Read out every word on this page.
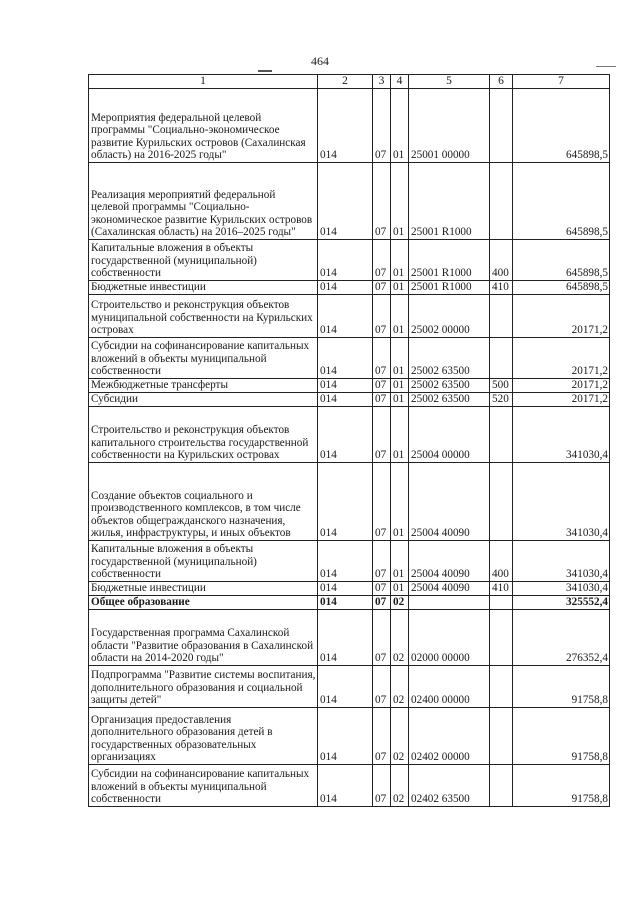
464
1	2	3	4	5	6	7
Мероприятия федеральной целевой программы "Социально-экономическое развитие Курильских островов (Сахалинская область) на 2016-2025 годы"	014	07	01	25001 00000		645898,5
Реализация мероприятий федеральной целевой программы "Социально-экономическое развитие Курильских островов (Сахалинская область) на 2016–2025 годы"	014	07	01	25001 R1000		645898,5
Капитальные вложения в объекты государственной (муниципальной) собственности	014	07	01	25001 R1000	400	645898,5
Бюджетные инвестиции	014	07	01	25001 R1000	410	645898,5
Строительство и реконструкция объектов муниципальной собственности на Курильских островах	014	07	01	25002 00000		20171,2
Субсидии на софинансирование капитальных вложений в объекты муниципальной собственности	014	07	01	25002 63500		20171,2
Межбюджетные трансферты	014	07	01	25002 63500	500	20171,2
Субсидии	014	07	01	25002 63500	520	20171,2
Строительство и реконструкция объектов капитального строительства государственной собственности на Курильских островах	014	07	01	25004 00000		341030,4
Создание объектов социального и производственного комплексов, в том числе объектов общегражданского назначения, жилья, инфраструктуры, и иных объектов	014	07	01	25004 40090		341030,4
Капитальные вложения в объекты государственной (муниципальной) собственности	014	07	01	25004 40090	400	341030,4
Бюджетные инвестиции	014	07	01	25004 40090	410	341030,4
Общее образование	014	07	02			325552,4
Государственная программа Сахалинской области "Развитие образования в Сахалинской области на 2014-2020 годы"	014	07	02	02000 00000		276352,4
Подпрограмма "Развитие системы воспитания, дополнительного образования и социальной защиты детей"	014	07	02	02400 00000		91758,8
Организация предоставления дополнительного образования детей в государственных образовательных организациях	014	07	02	02402 00000		91758,8
Субсидии на софинансирование капитальных вложений в объекты муниципальной собственности	014	07	02	02402 63500		91758,8
